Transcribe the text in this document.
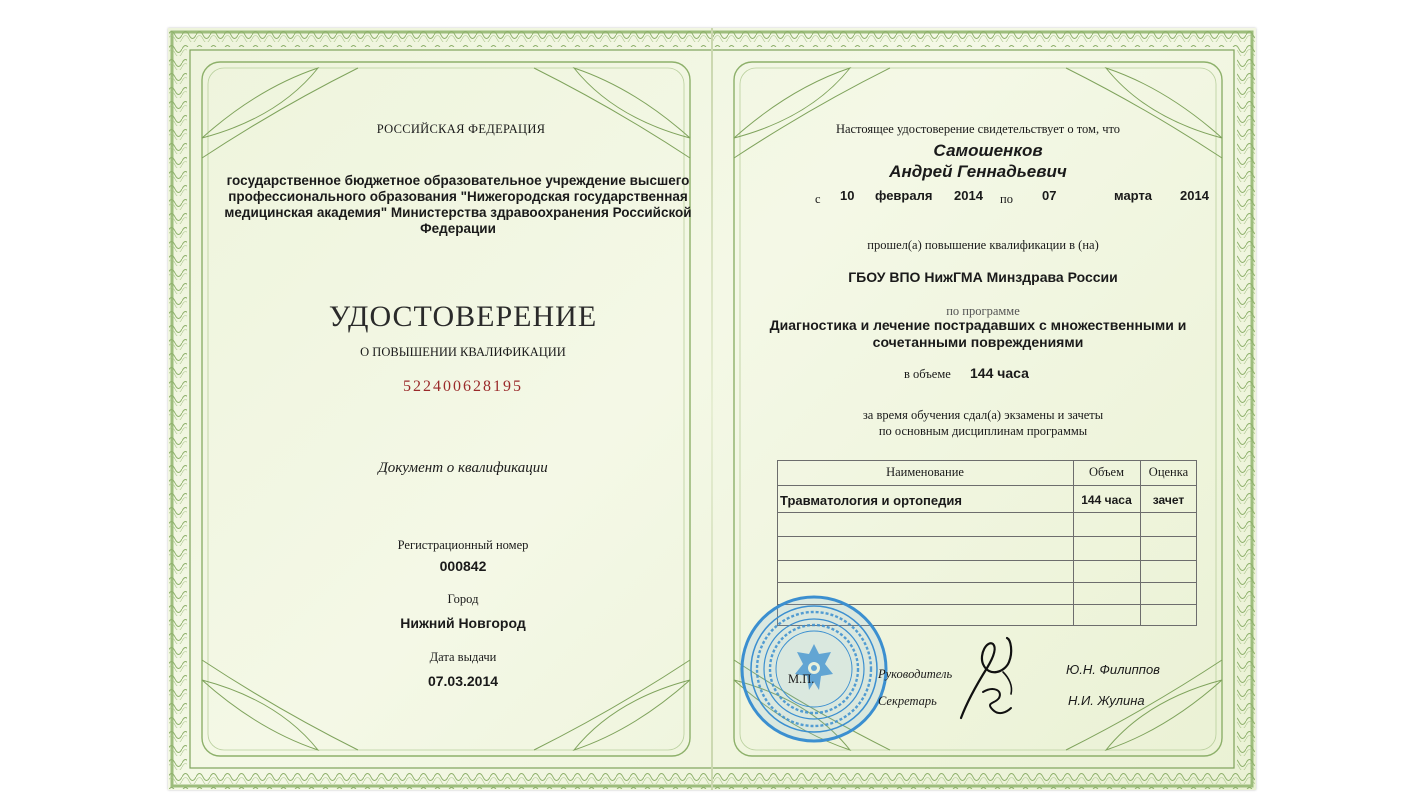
РОССИЙСКАЯ ФЕДЕРАЦИЯ
государственное бюджетное образовательное учреждение высшего
профессионального образования "Нижегородская государственная
медицинская академия" Министерства здравоохранения Российской
Федерации
УДОСТОВЕРЕНИЕ
О ПОВЫШЕНИИ КВАЛИФИКАЦИИ
522400628195
Документ о квалификации
Регистрационный номер
000842
Город
Нижний Новгород
Дата выдачи
07.03.2014
Настоящее удостоверение свидетельствует о том, что
Самошенков
Андрей Геннадьевич
с 10 февраля 2014 по 07	марта 2014
прошел(а) повышение квалификации в (на)
ГБОУ ВПО НижГМА Минздрава России
по программе
Диагностика и лечение пострадавших с множественными и
сочетанными повреждениями
в объеме 144 часа
за время обучения сдал(а) экзамены и зачеты
по основным дисциплинам программы
Наименование	Объем	Оценка
Травматология и ортопедия	144 часа	зачет
М.П.	Руководитель	Ю.Н. Филиппов
Секретарь	Н.И. Жулина
